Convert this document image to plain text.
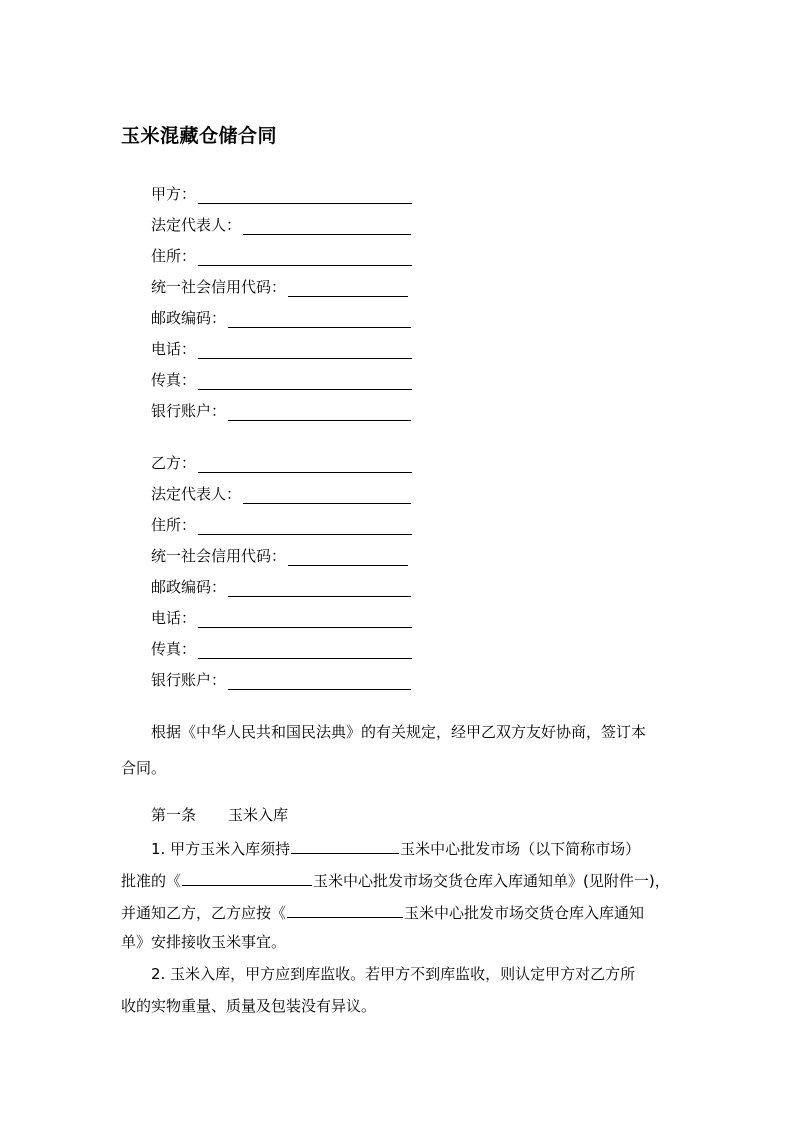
玉米混藏仓储合同
甲方：
法定代表人：
住所：
统一社会信用代码：
邮政编码：
电话：
传真：
银行账户：
乙方：
法定代表人：
住所：
统一社会信用代码：
邮政编码：
电话：
传真：
银行账户：
根据《中华人民共和国民法典》的有关规定，经甲乙双方友好协商，签订本
合同。
第一条 玉米入库
1. 甲方玉米入库须持	玉米中心批发市场（以下简称市场）
批准的《	玉米中心批发市场交货仓库入库通知单》(见附件一)，
并通知乙方，乙方应按《	玉米中心批发市场交货仓库入库通知
单》安排接收玉米事宜。
2. 玉米入库，甲方应到库监收。若甲方不到库监收，则认定甲方对乙方所
收的实物重量、质量及包装没有异议。
